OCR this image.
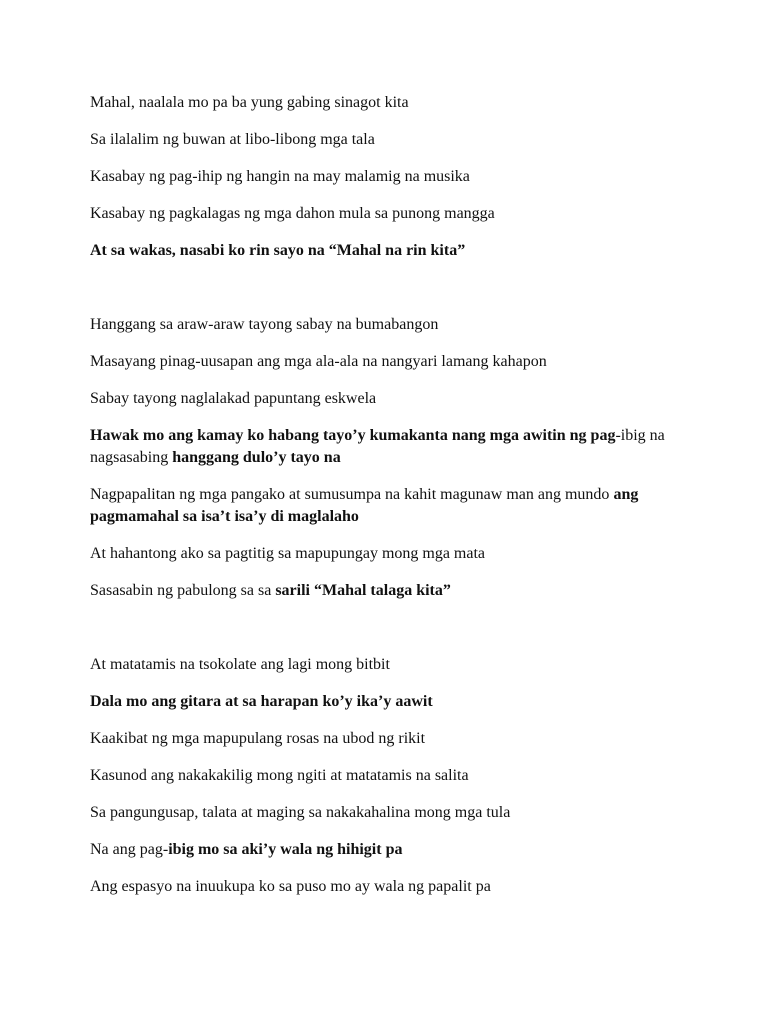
Mahal, naalala mo pa ba yung gabing sinagot kita
Sa ilalalim ng buwan at libo-libong mga tala
Kasabay ng pag-ihip ng hangin na may malamig na musika
Kasabay ng pagkalagas ng mga dahon mula sa punong mangga
At sa wakas, nasabi ko rin sayo na “Mahal na rin kita”
Hanggang sa araw-araw tayong sabay na bumabangon
Masayang pinag-uusapan ang mga ala-ala na nangyari lamang kahapon
Sabay tayong naglalakad papuntang eskwela
Hawak mo ang kamay ko habang tayo’y kumakanta nang mga awitin ng pag-ibig na nagsasabing hanggang dulo’y tayo na
Nagpapalitan ng mga pangako at sumusumpa na kahit magunaw man ang mundo ang pagmamahal sa isa’t isa’y di maglalaho
At hahantong ako sa pagtitig sa mapupungay mong mga mata
Sasasabin ng pabulong sa sa sarili “Mahal talaga kita”
At matatamis na tsokolate ang lagi mong bitbit
Dala mo ang gitara at sa harapan ko’y ika’y aawit
Kaakibat ng mga mapupulang rosas na ubod ng rikit
Kasunod ang nakakakilig mong ngiti at matatamis na salita
Sa pangungusap, talata at maging sa nakakahalina mong mga tula
Na ang pag-ibig mo sa aki’y wala ng hihigit pa
Ang espasyo na inuukupa ko sa puso mo ay wala ng papalit pa
